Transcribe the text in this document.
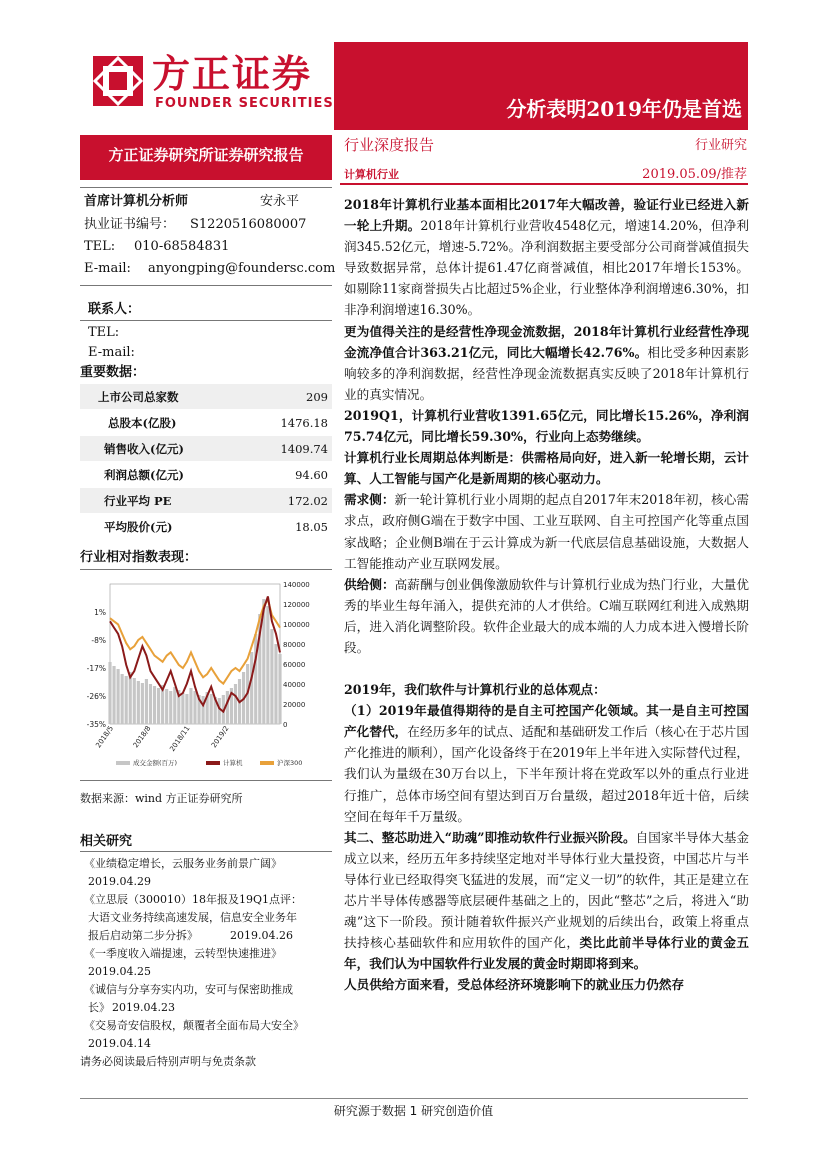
方正证券
FOUNDER SECURITIES	分析表明2019年仍是首选
方正证券研究所证券研究报告
行业深度报告	行业研究
计算机行业	2019.05.09/推荐
首席计算机分析师	安永平
执业证书编号： S1220516080007
TEL: 010-68584831
E-mail: anyongping@foundersc.com
联系人：
TEL:
E-mail:
重要数据：
上市公司总家数	209
总股本(亿股)	1476.18
销售收入(亿元)	1409.74
利润总额(亿元)	94.60
行业平均 PE	172.02
平均股价(元)	18.05
行业相对指数表现：
1%
-8%
-17%
-26%
-35%
140000
120000
100000
80000
60000
40000
20000
0
2018/5 2018/8 2018/11	2019/2
成交金额(百万)	计算机	沪深300
数据来源：wind 方正证券研究所
相关研究
《业绩稳定增长，云服务业务前景广阔》
2019.04.29
《立思辰（300010）18年报及19Q1点评：
大语文业务持续高速发展，信息安全业务年
报后启动第二步分拆》	2019.04.26
《一季度收入端提速，云转型快速推进》
2019.04.25
《诚信与分享夯实内功，安可与保密助推成
长》 2019.04.23
《交易奇安信股权，颠覆者全面布局大安全》
2019.04.14
请务必阅读最后特别声明与免责条款

2018年计算机行业基本面相比2017年大幅改善，验证行业已经进入新一轮上升期。2018年计算机行业营收4548亿元，增速14.20%，但净利润345.52亿元，增速-5.72%。净利润数据主要受部分公司商誉减值损失导致数据异常，总体计提61.47亿商誉减值，相比2017年增长153%。如剔除11家商誉损失占比超过5%企业，行业整体净利润增速6.30%，扣非净利润增速16.30%。

更为值得关注的是经营性净现金流数据，2018年计算机行业经营性净现金流净值合计363.21亿元，同比大幅增长42.76%。相比受多种因素影响较多的净利润数据，经营性净现金流数据真实反映了2018年计算机行业的真实情况。

2019Q1，计算机行业营收1391.65亿元，同比增长15.26%，净利润75.74亿元，同比增长59.30%，行业向上态势继续。

计算机行业长周期总体判断是：供需格局向好，进入新一轮增长期，云计算、人工智能与国产化是新周期的核心驱动力。

需求侧：新一轮计算机行业小周期的起点自2017年末2018年初，核心需求点，政府侧G端在于数字中国、工业互联网、自主可控国产化等重点国家战略；企业侧B端在于云计算成为新一代底层信息基础设施，大数据人工智能推动产业互联网发展。

供给侧：高薪酬与创业偶像激励软件与计算机行业成为热门行业，大量优秀的毕业生每年涌入，提供充沛的人才供给。C端互联网红利进入成熟期后，进入消化调整阶段。软件企业最大的成本端的人力成本进入慢增长阶段。

2019年，我们软件与计算机行业的总体观点：

（1）2019年最值得期待的是自主可控国产化领域。其一是自主可控国产化替代，在经历多年的试点、适配和基础研发工作后（核心在于芯片国产化推进的顺利），国产化设备终于在2019年上半年进入实际替代过程，我们认为量级在30万台以上，下半年预计将在党政军以外的重点行业进行推广，总体市场空间有望达到百万台量级，超过2018年近十倍，后续空间在每年千万量级。

其二、整芯助进入“助魂”即推动软件行业振兴阶段。自国家半导体大基金成立以来，经历五年多持续坚定地对半导体行业大量投资，中国芯片与半导体行业已经取得突飞猛进的发展，而“定义一切”的软件，其正是建立在芯片半导体传感器等底层硬件基础之上的，因此“整芯”之后，将进入“助魂”这下一阶段。预计随着软件振兴产业规划的后续出台，政策上将重点扶持核心基础软件和应用软件的国产化，类比此前半导体行业的黄金五年，我们认为中国软件行业发展的黄金时期即将到来。

人员供给方面来看，受总体经济环境影响下的就业压力仍然存

研究源于数据 1 研究创造价值
